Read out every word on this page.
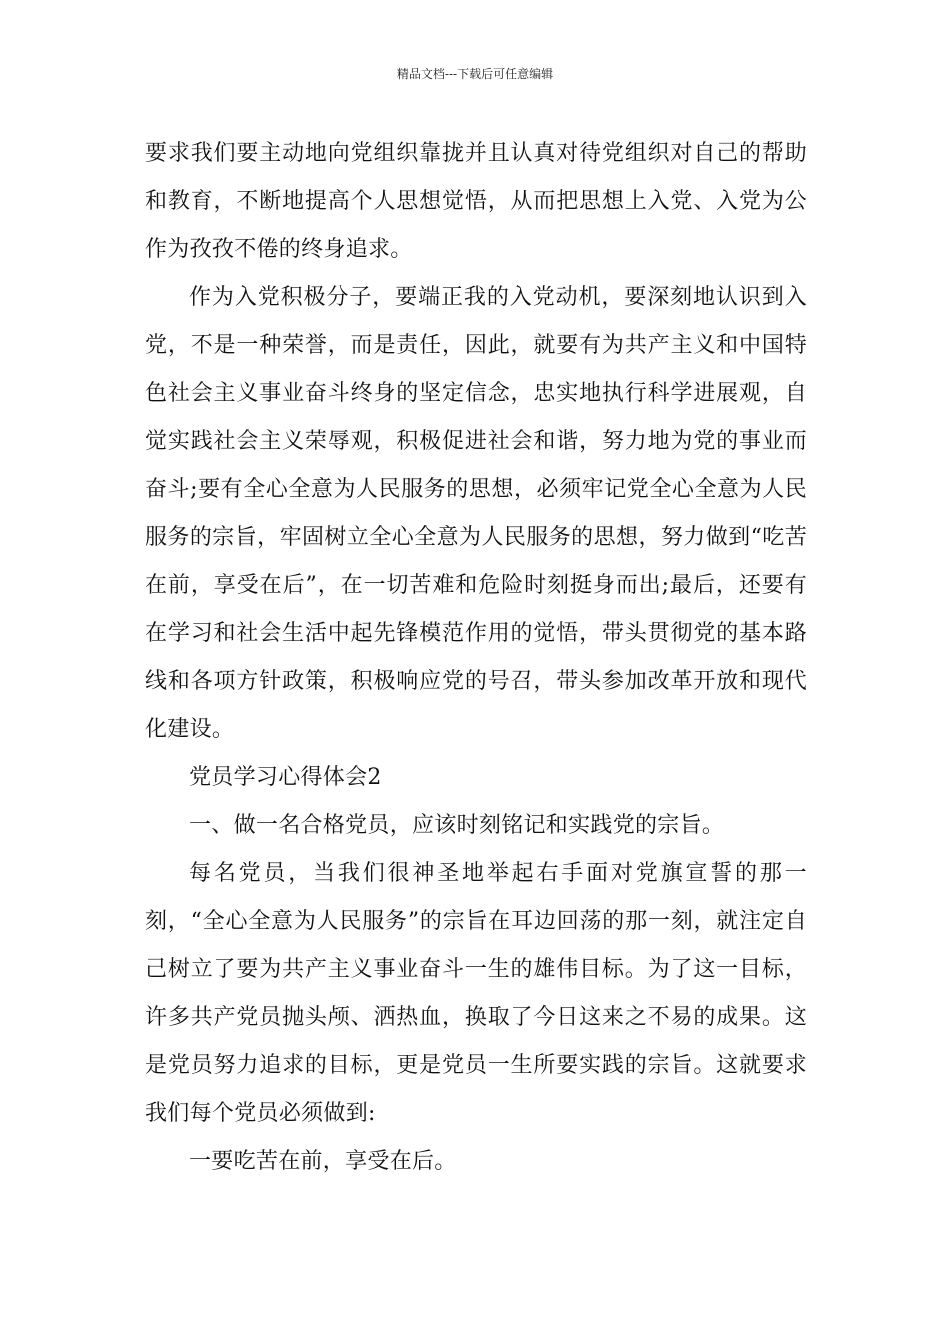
精品文档---下载后可任意编辑

要求我们要主动地向党组织靠拢并且认真对待党组织对自己的帮助和教育，不断地提高个人思想觉悟，从而把思想上入党、入党为公作为孜孜不倦的终身追求。

作为入党积极分子，要端正我的入党动机，要深刻地认识到入党，不是一种荣誉，而是责任，因此，就要有为共产主义和中国特色社会主义事业奋斗终身的坚定信念，忠实地执行科学进展观，自觉实践社会主义荣辱观，积极促进社会和谐，努力地为党的事业而奋斗;要有全心全意为人民服务的思想，必须牢记党全心全意为人民服务的宗旨，牢固树立全心全意为人民服务的思想，努力做到“吃苦在前，享受在后”，在一切苦难和危险时刻挺身而出;最后，还要有在学习和社会生活中起先锋模范作用的觉悟，带头贯彻党的基本路线和各项方针政策，积极响应党的号召，带头参加改革开放和现代化建设。

党员学习心得体会2

一、做一名合格党员，应该时刻铭记和实践党的宗旨。

每名党员，当我们很神圣地举起右手面对党旗宣誓的那一刻，“全心全意为人民服务”的宗旨在耳边回荡的那一刻，就注定自己树立了要为共产主义事业奋斗一生的雄伟目标。为了这一目标，许多共产党员抛头颅、洒热血，换取了今日这来之不易的成果。这是党员努力追求的目标，更是党员一生所要实践的宗旨。这就要求我们每个党员必须做到:

一要吃苦在前，享受在后。
